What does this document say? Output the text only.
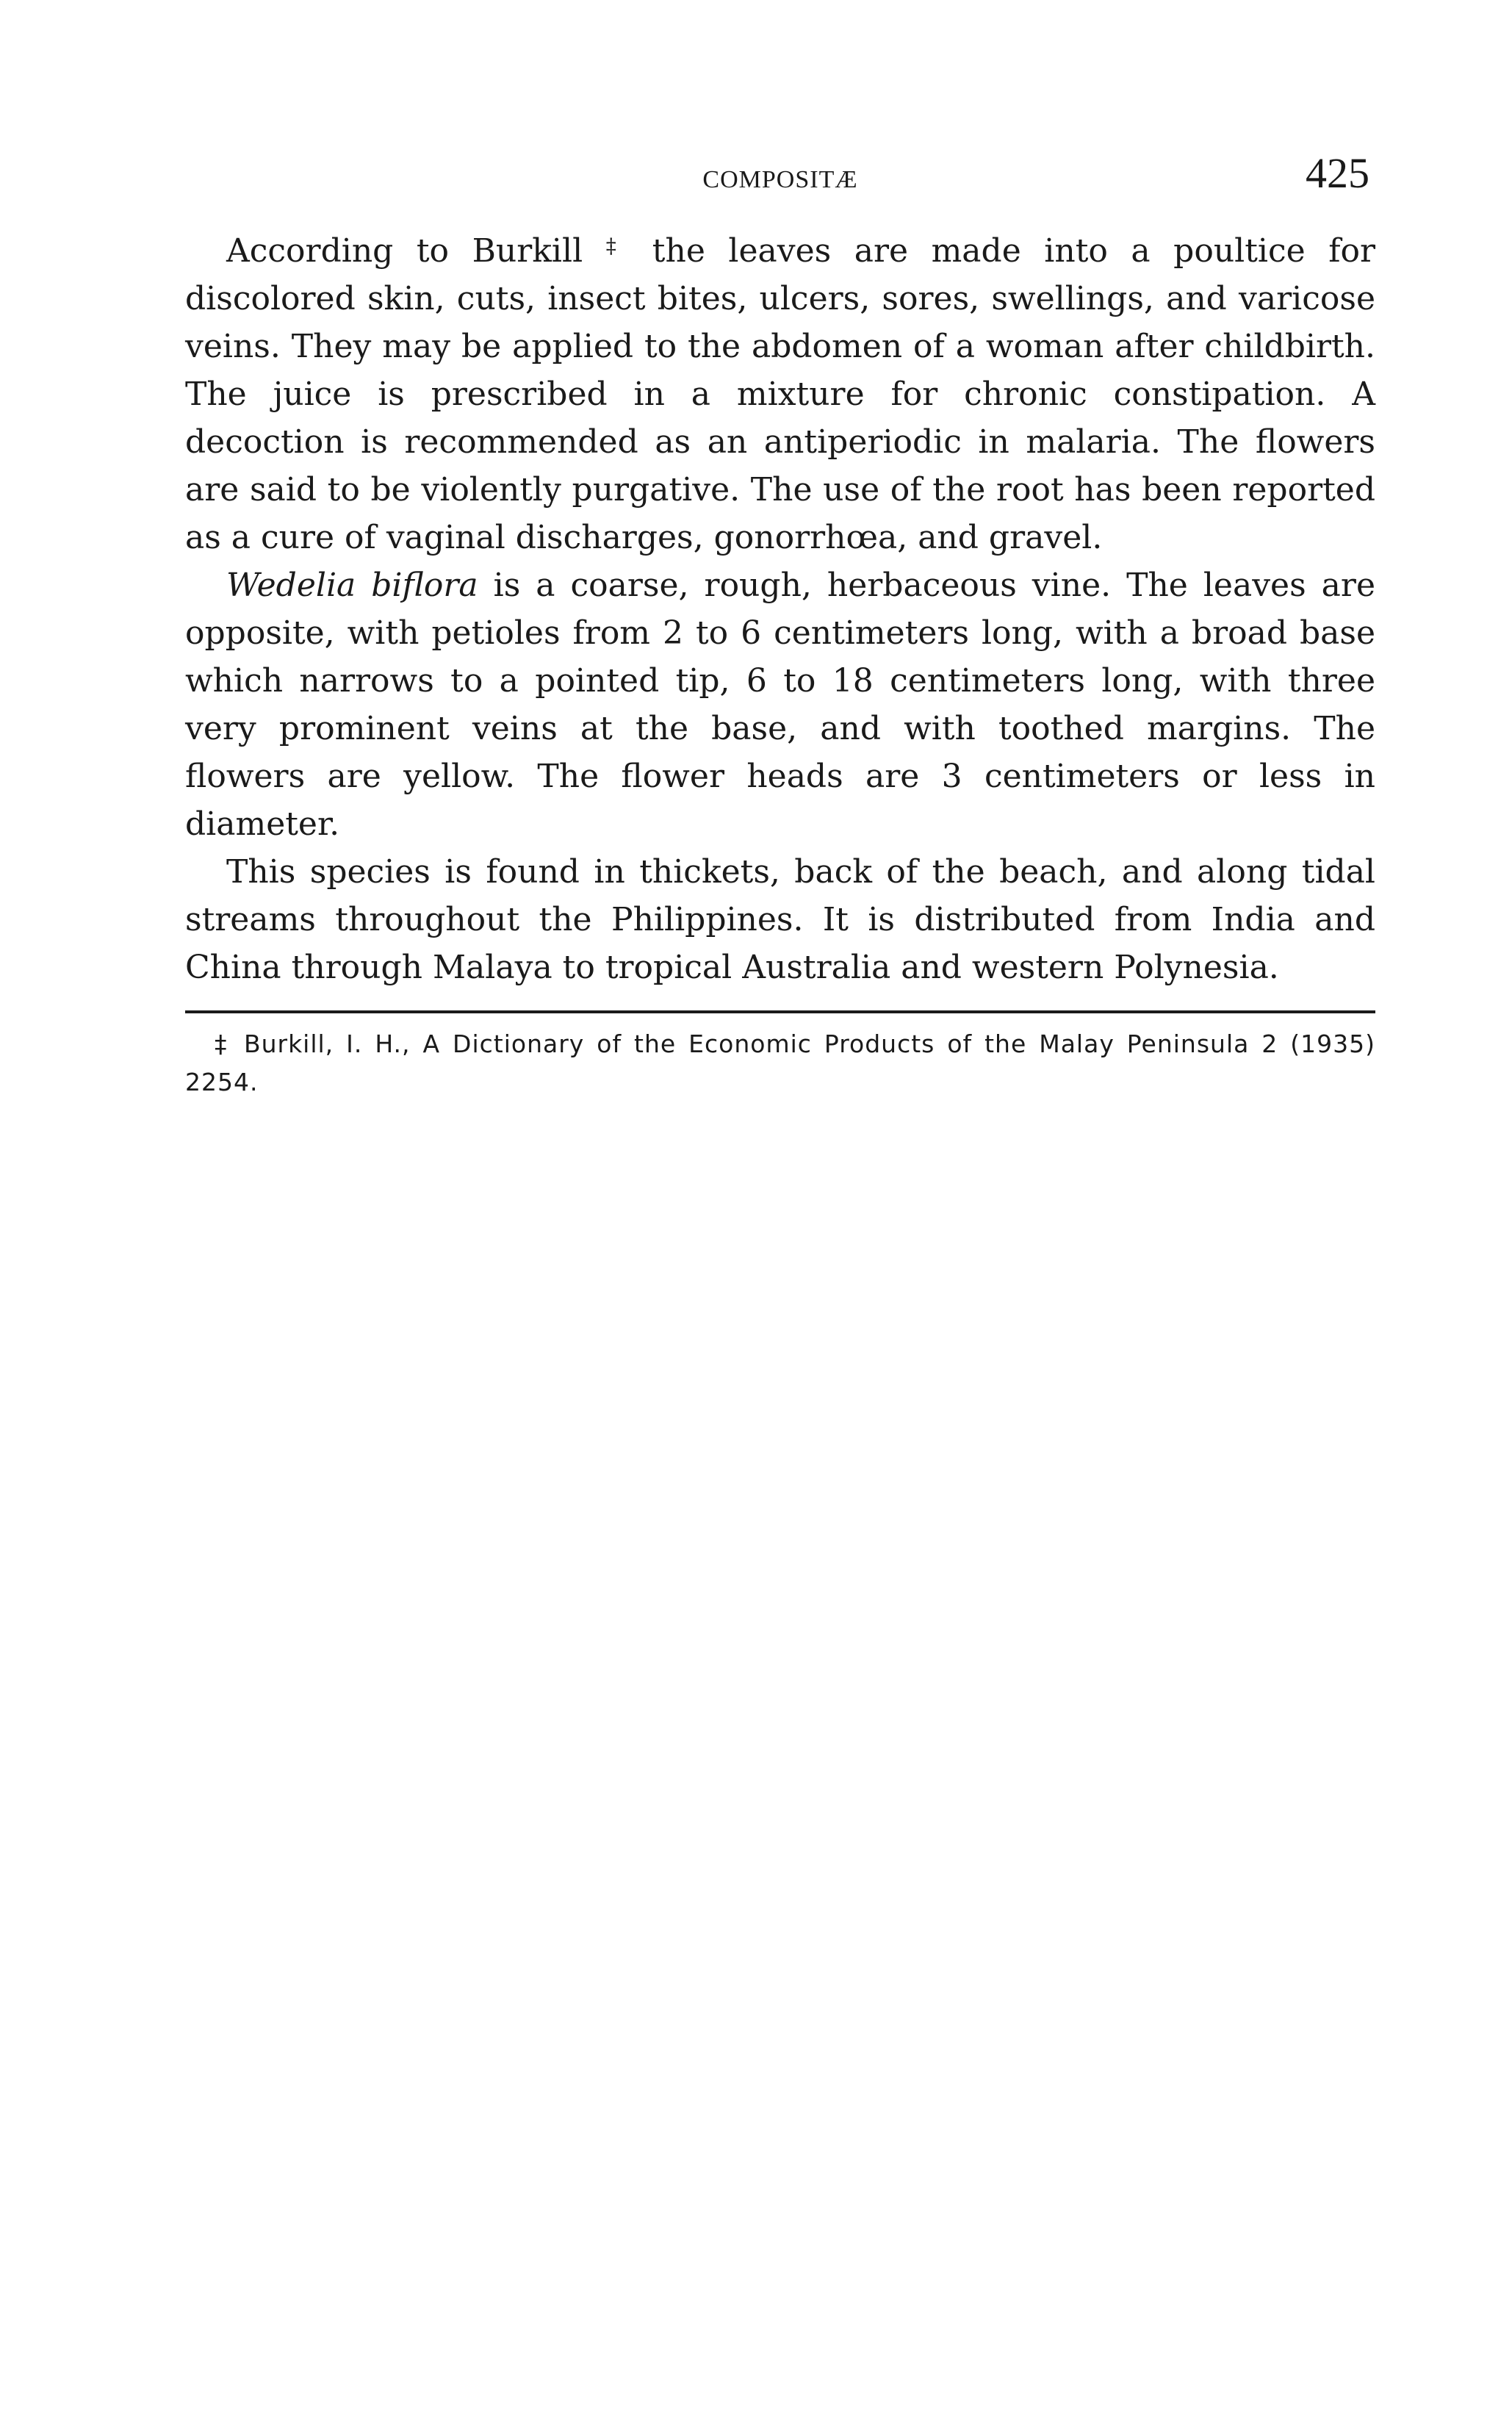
COMPOSITÆ	425

According to Burkill ‡ the leaves are made into a poultice for discolored skin, cuts, insect bites, ulcers, sores, swellings, and varicose veins. They may be applied to the abdomen of a woman after childbirth. The juice is prescribed in a mixture for chronic constipation. A decoction is recommended as an antiperiodic in malaria. The flowers are said to be violently purgative. The use of the root has been reported as a cure of vaginal discharges, gonorrhœa, and gravel.

Wedelia biflora is a coarse, rough, herbaceous vine. The leaves are opposite, with petioles from 2 to 6 centimeters long, with a broad base which narrows to a pointed tip, 6 to 18 centimeters long, with three very prominent veins at the base, and with toothed margins. The flowers are yellow. The flower heads are 3 centimeters or less in diameter.

This species is found in thickets, back of the beach, and along tidal streams throughout the Philippines. It is distributed from India and China through Malaya to tropical Australia and western Polynesia.

‡ Burkill, I. H., A Dictionary of the Economic Products of the Malay Peninsula 2 (1935) 2254.
